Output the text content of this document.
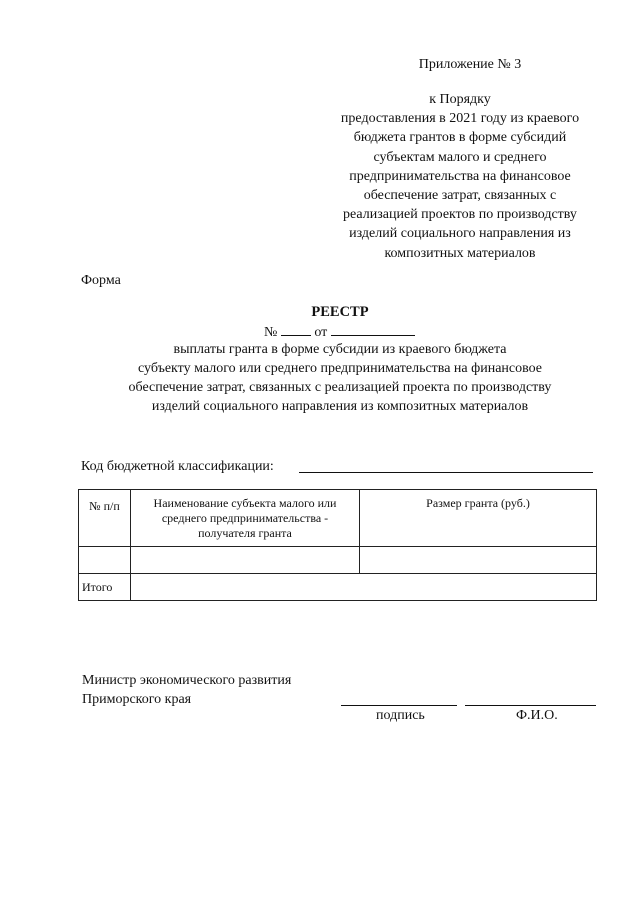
Приложение № 3
к Порядку
предоставления в 2021 году из краевого
бюджета грантов в форме субсидий
субъектам малого и среднего
предпринимательства на финансовое
обеспечение затрат, связанных с
реализацией проектов по производству
изделий социального направления из
композитных материалов
Форма
РЕЕСТР
№	от
выплаты гранта в форме субсидии из краевого бюджета
субъекту малого или среднего предпринимательства на финансовое
обеспечение затрат, связанных с реализацией проекта по производству
изделий социального направления из композитных материалов
Код бюджетной классификации:
№ п/п	Наименование субъекта малого или
среднего предпринимательства -
получателя гранта	Размер гранта (руб.)

Итого		

Министр экономического развития
Приморского края
подпись	Ф.И.О.
